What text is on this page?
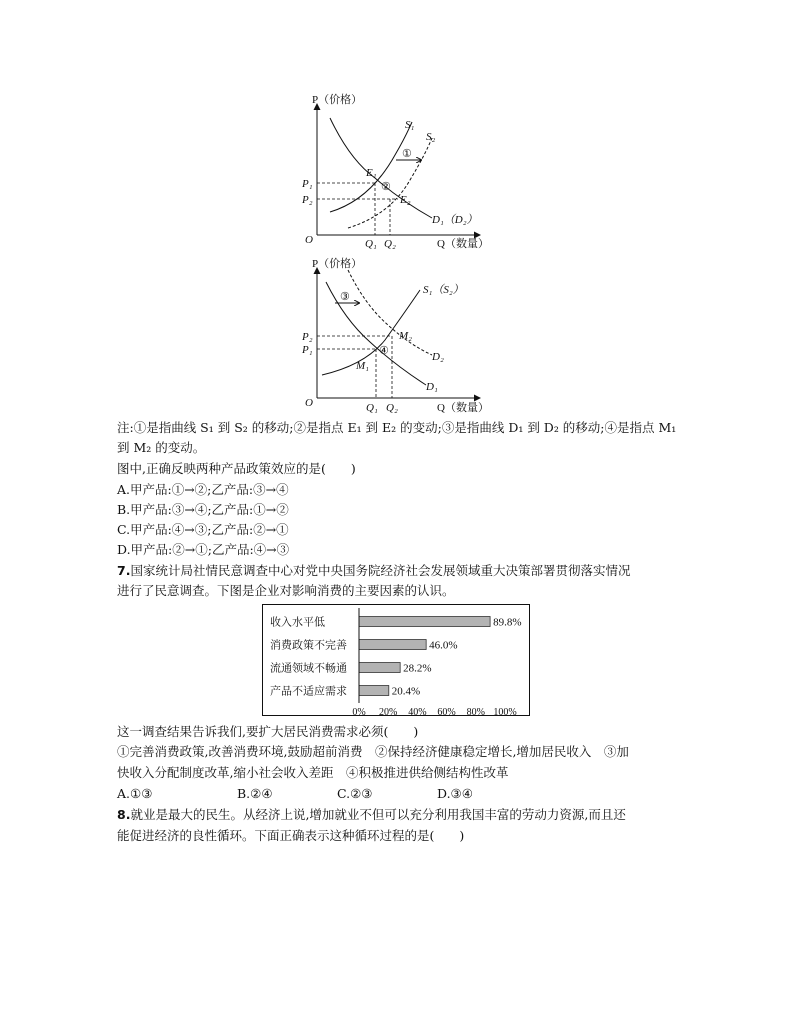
P（价格）
Q（数量）
O
S₁
S₂
①
E₁
②
E₂
P₁
P₂
D₁（D₂）
Q₁ Q₂
P（价格）
Q（数量）
O
③
S₁（S₂）
M₂
④
M₁
D₂
D₁
P₂
P₁
Q₁ Q₂
注:①是指曲线 S₁ 到 S₂ 的移动;②是指点 E₁ 到 E₂ 的变动;③是指曲线 D₁ 到 D₂ 的移动;④是指点 M₁
到 M₂ 的变动。
图中,正确反映两种产品政策效应的是(　　)
A.甲产品:①→②;乙产品:③→④
B.甲产品:③→④;乙产品:①→②
C.甲产品:④→③;乙产品:②→①
D.甲产品:②→①;乙产品:④→③
7.国家统计局社情民意调查中心对党中央国务院经济社会发展领域重大决策部署贯彻落实情况
进行了民意调查。下图是企业对影响消费的主要因素的认识。
收入水平低	89.8%
消费政策不完善	46.0%
流通领域不畅通	28.2%
产品不适应需求	20.4%
0% 20% 40% 60% 80% 100%
这一调查结果告诉我们,要扩大居民消费需求必须(　　)
①完善消费政策,改善消费环境,鼓励超前消费　②保持经济健康稳定增长,增加居民收入　③加
快收入分配制度改革,缩小社会收入差距　④积极推进供给侧结构性改革
A.①③	B.②④	C.②③	D.③④
8.就业是最大的民生。从经济上说,增加就业不但可以充分利用我国丰富的劳动力资源,而且还
能促进经济的良性循环。下面正确表示这种循环过程的是(　　)
